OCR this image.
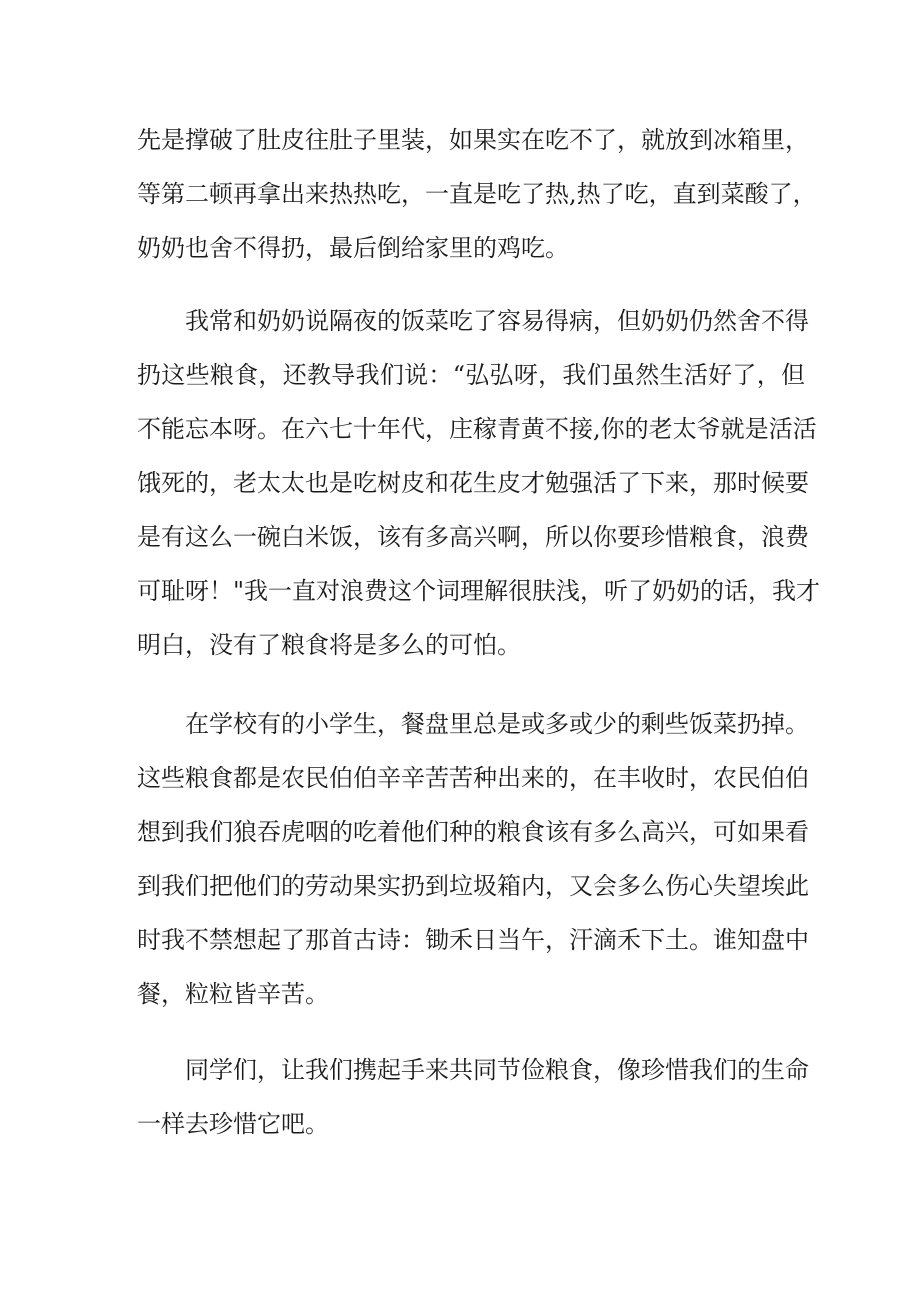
先是撑破了肚皮往肚子里装，如果实在吃不了，就放到冰箱里，
等第二顿再拿出来热热吃，一直是吃了热,热了吃，直到菜酸了，
奶奶也舍不得扔，最后倒给家里的鸡吃。
我常和奶奶说隔夜的饭菜吃了容易得病，但奶奶仍然舍不得
扔这些粮食，还教导我们说：“弘弘呀，我们虽然生活好了，但
不能忘本呀。在六七十年代，庄稼青黄不接,你的老太爷就是活活
饿死的，老太太也是吃树皮和花生皮才勉强活了下来，那时候要
是有这么一碗白米饭，该有多高兴啊，所以你要珍惜粮食，浪费
可耻呀！"我一直对浪费这个词理解很肤浅，听了奶奶的话，我才
明白，没有了粮食将是多么的可怕。
在学校有的小学生，餐盘里总是或多或少的剩些饭菜扔掉。
这些粮食都是农民伯伯辛辛苦苦种出来的，在丰收时，农民伯伯
想到我们狼吞虎咽的吃着他们种的粮食该有多么高兴，可如果看
到我们把他们的劳动果实扔到垃圾箱内，又会多么伤心失望埃此
时我不禁想起了那首古诗：锄禾日当午，汗滴禾下土。谁知盘中
餐，粒粒皆辛苦。
同学们，让我们携起手来共同节俭粮食，像珍惜我们的生命
一样去珍惜它吧。
